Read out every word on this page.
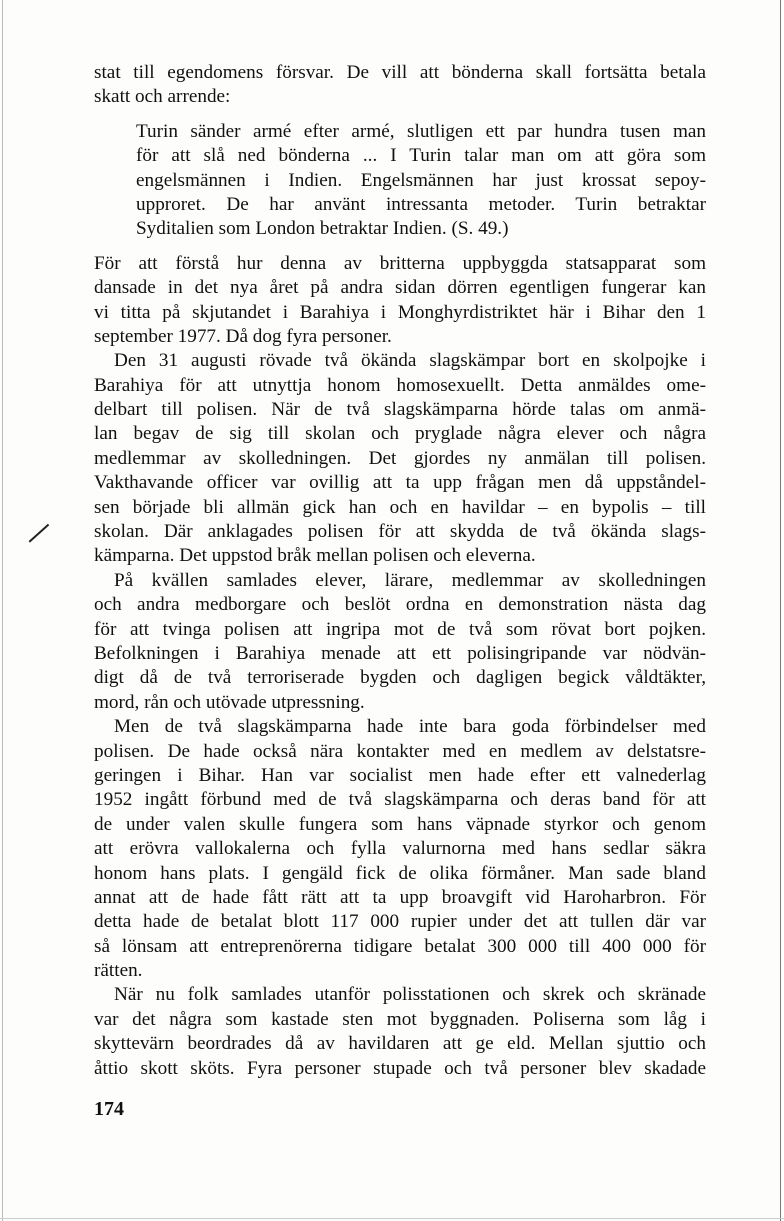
stat till egendomens försvar. De vill att bönderna skall fortsätta betala
skatt och arrende:
Turin sänder armé efter armé, slutligen ett par hundra tusen man
för att slå ned bönderna ... I Turin talar man om att göra som
engelsmännen i Indien. Engelsmännen har just krossat sepoy-
upproret. De har använt intressanta metoder. Turin betraktar
Syditalien som London betraktar Indien. (S. 49.)
För att förstå hur denna av britterna uppbyggda statsapparat som
dansade in det nya året på andra sidan dörren egentligen fungerar kan
vi titta på skjutandet i Barahiya i Monghyrdistriktet här i Bihar den 1
september 1977. Då dog fyra personer.
Den 31 augusti rövade två ökända slagskämpar bort en skolpojke i
Barahiya för att utnyttja honom homosexuellt. Detta anmäldes ome-
delbart till polisen. När de två slagskämparna hörde talas om anmä-
lan begav de sig till skolan och pryglade några elever och några
medlemmar av skolledningen. Det gjordes ny anmälan till polisen.
Vakthavande officer var ovillig att ta upp frågan men då uppståndel-
sen började bli allmän gick han och en havildar – en bypolis – till
skolan. Där anklagades polisen för att skydda de två ökända slags-
kämparna. Det uppstod bråk mellan polisen och eleverna.
På kvällen samlades elever, lärare, medlemmar av skolledningen
och andra medborgare och beslöt ordna en demonstration nästa dag
för att tvinga polisen att ingripa mot de två som rövat bort pojken.
Befolkningen i Barahiya menade att ett polisingripande var nödvän-
digt då de två terroriserade bygden och dagligen begick våldtäkter,
mord, rån och utövade utpressning.
Men de två slagskämparna hade inte bara goda förbindelser med
polisen. De hade också nära kontakter med en medlem av delstatsre-
geringen i Bihar. Han var socialist men hade efter ett valnederlag
1952 ingått förbund med de två slagskämparna och deras band för att
de under valen skulle fungera som hans väpnade styrkor och genom
att erövra vallokalerna och fylla valurnorna med hans sedlar säkra
honom hans plats. I gengäld fick de olika förmåner. Man sade bland
annat att de hade fått rätt att ta upp broavgift vid Haroharbron. För
detta hade de betalat blott 117 000 rupier under det att tullen där var
så lönsam att entreprenörerna tidigare betalat 300 000 till 400 000 för
rätten.
När nu folk samlades utanför polisstationen och skrek och skränade
var det några som kastade sten mot byggnaden. Poliserna som låg i
skyttevärn beordrades då av havildaren att ge eld. Mellan sjuttio och
åttio skott sköts. Fyra personer stupade och två personer blev skadade
174
